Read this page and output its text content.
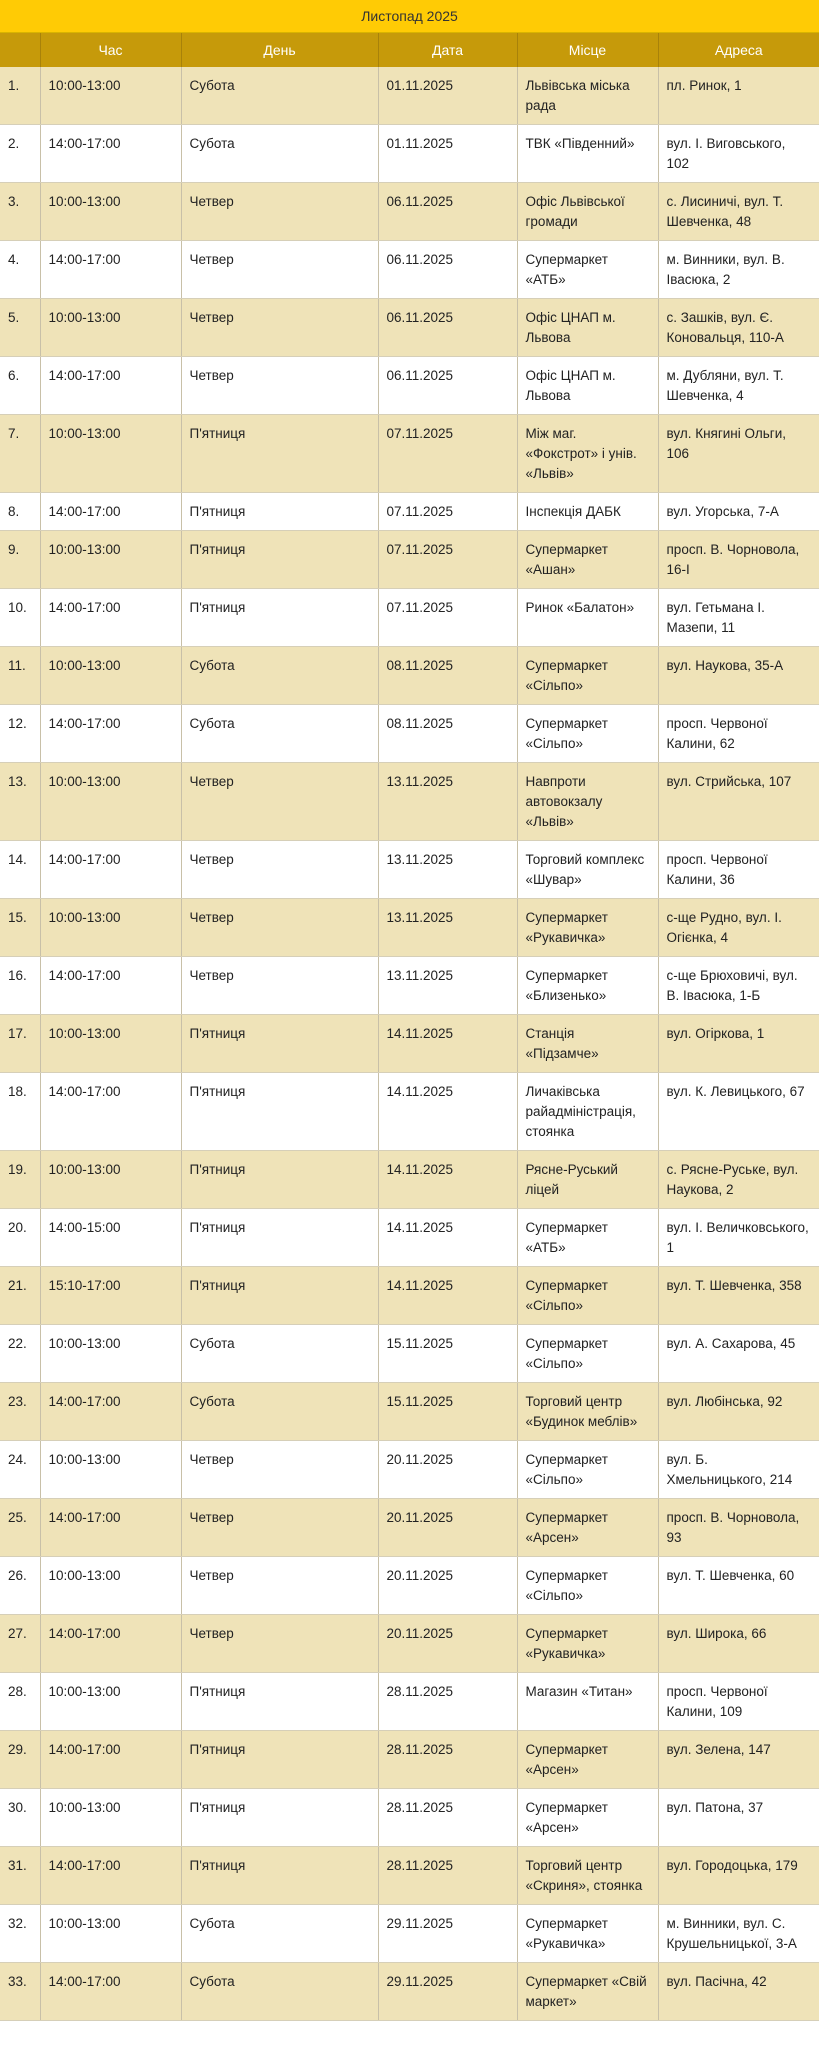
Листопад 2025
	Час	День	Дата	Місце	Адреса
1.	10:00-13:00	Субота	01.11.2025	Львівська міська рада	пл. Ринок, 1
2.	14:00-17:00	Субота	01.11.2025	ТВК «Південний»	вул. І. Виговського, 102
3.	10:00-13:00	Четвер	06.11.2025	Офіс Львівської громади	с. Лисиничі, вул. Т. Шевченка, 48
4.	14:00-17:00	Четвер	06.11.2025	Супермаркет «АТБ»	м. Винники, вул. В. Івасюка, 2
5.	10:00-13:00	Четвер	06.11.2025	Офіс ЦНАП м. Львова	с. Зашків, вул. Є. Коновальця, 110-А
6.	14:00-17:00	Четвер	06.11.2025	Офіс ЦНАП м. Львова	м. Дубляни, вул. Т. Шевченка, 4
7.	10:00-13:00	П'ятниця	07.11.2025	Між маг. «Фокстрот» і унів. «Львів»	вул. Княгині Ольги, 106
8.	14:00-17:00	П'ятниця	07.11.2025	Інспекція ДАБК	вул. Угорська, 7-А
9.	10:00-13:00	П'ятниця	07.11.2025	Супермаркет «Ашан»	просп. В. Чорновола, 16-І
10.	14:00-17:00	П'ятниця	07.11.2025	Ринок «Балатон»	вул. Гетьмана І. Мазепи, 11
11.	10:00-13:00	Субота	08.11.2025	Супермаркет «Сільпо»	вул. Наукова, 35-А
12.	14:00-17:00	Субота	08.11.2025	Супермаркет «Сільпо»	просп. Червоної Калини, 62
13.	10:00-13:00	Четвер	13.11.2025	Навпроти автовокзалу «Львів»	вул. Стрийська, 107
14.	14:00-17:00	Четвер	13.11.2025	Торговий комплекс «Шувар»	просп. Червоної Калини, 36
15.	10:00-13:00	Четвер	13.11.2025	Супермаркет «Рукавичка»	с-ще Рудно, вул. І. Огієнка, 4
16.	14:00-17:00	Четвер	13.11.2025	Супермаркет «Близенько»	с-ще Брюховичі, вул. В. Івасюка, 1-Б
17.	10:00-13:00	П'ятниця	14.11.2025	Станція «Підзамче»	вул. Огіркова, 1
18.	14:00-17:00	П'ятниця	14.11.2025	Личаківська райадміністрація, стоянка	вул. К. Левицького, 67
19.	10:00-13:00	П'ятниця	14.11.2025	Рясне-Руський ліцей	с. Рясне-Руське, вул. Наукова, 2
20.	14:00-15:00	П'ятниця	14.11.2025	Супермаркет «АТБ»	вул. І. Величковського, 1
21.	15:10-17:00	П'ятниця	14.11.2025	Супермаркет «Сільпо»	вул. Т. Шевченка, 358
22.	10:00-13:00	Субота	15.11.2025	Супермаркет «Сільпо»	вул. А. Сахарова, 45
23.	14:00-17:00	Субота	15.11.2025	Торговий центр «Будинок меблів»	вул. Любінська, 92
24.	10:00-13:00	Четвер	20.11.2025	Супермаркет «Сільпо»	вул. Б. Хмельницького, 214
25.	14:00-17:00	Четвер	20.11.2025	Супермаркет «Арсен»	просп. В. Чорновола, 93
26.	10:00-13:00	Четвер	20.11.2025	Супермаркет «Сільпо»	вул. Т. Шевченка, 60
27.	14:00-17:00	Четвер	20.11.2025	Супермаркет «Рукавичка»	вул. Широка, 66
28.	10:00-13:00	П'ятниця	28.11.2025	Магазин «Титан»	просп. Червоної Калини, 109
29.	14:00-17:00	П'ятниця	28.11.2025	Супермаркет «Арсен»	вул. Зелена, 147
30.	10:00-13:00	П'ятниця	28.11.2025	Супермаркет «Арсен»	вул. Патона, 37
31.	14:00-17:00	П'ятниця	28.11.2025	Торговий центр «Скриня», стоянка	вул. Городоцька, 179
32.	10:00-13:00	Субота	29.11.2025	Супермаркет «Рукавичка»	м. Винники, вул. С. Крушельницької, 3-А
33.	14:00-17:00	Субота	29.11.2025	Супермаркет «Свій маркет»	вул. Пасічна, 42
